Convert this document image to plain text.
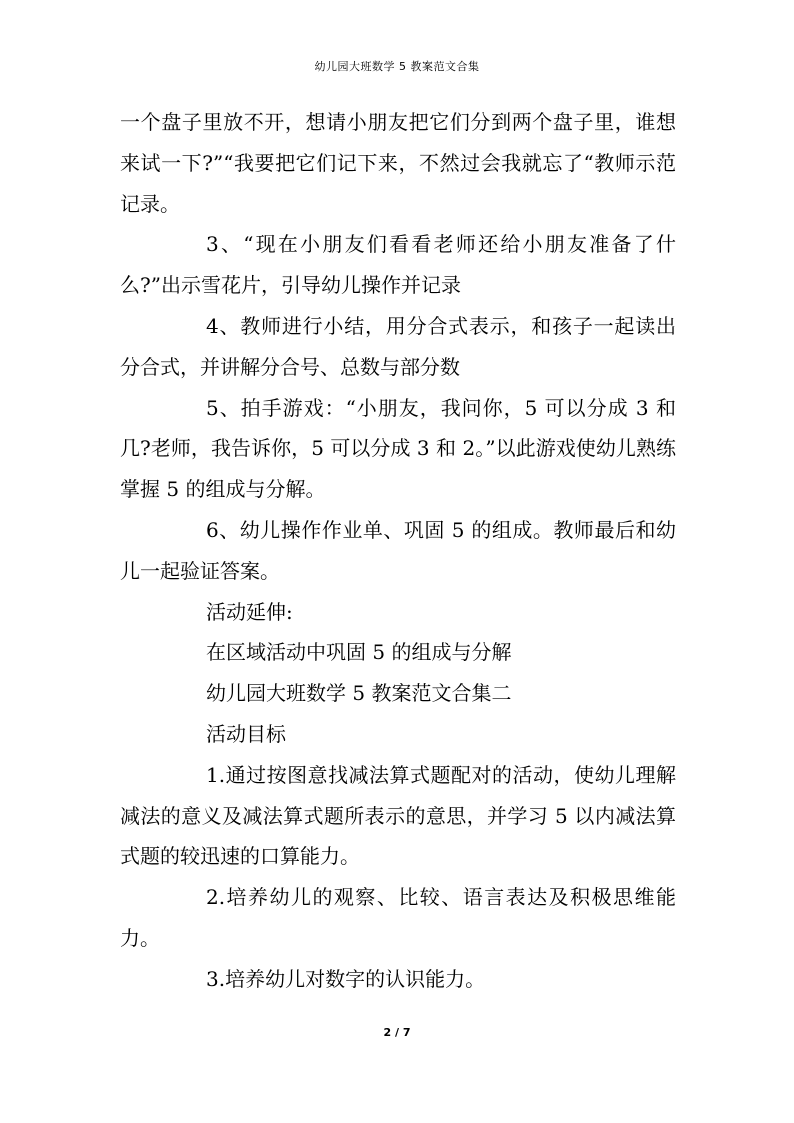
幼儿园大班数学 5 教案范文合集

一个盘子里放不开，想请小朋友把它们分到两个盘子里，谁想来试一下?”“我要把它们记下来，不然过会我就忘了“教师示范记录。

3、“现在小朋友们看看老师还给小朋友准备了什么?”出示雪花片，引导幼儿操作并记录

4、教师进行小结，用分合式表示，和孩子一起读出分合式，并讲解分合号、总数与部分数

5、拍手游戏：“小朋友，我问你，5 可以分成 3 和几?老师，我告诉你，5 可以分成 3 和 2。”以此游戏使幼儿熟练掌握 5 的组成与分解。

6、幼儿操作作业单、巩固 5 的组成。教师最后和幼儿一起验证答案。

活动延伸:

在区域活动中巩固 5 的组成与分解

幼儿园大班数学 5 教案范文合集二

活动目标

1.通过按图意找减法算式题配对的活动，使幼儿理解减法的意义及减法算式题所表示的意思，并学习 5 以内减法算式题的较迅速的口算能力。

2.培养幼儿的观察、比较、语言表达及积极思维能力。

3.培养幼儿对数字的认识能力。

2 / 7
